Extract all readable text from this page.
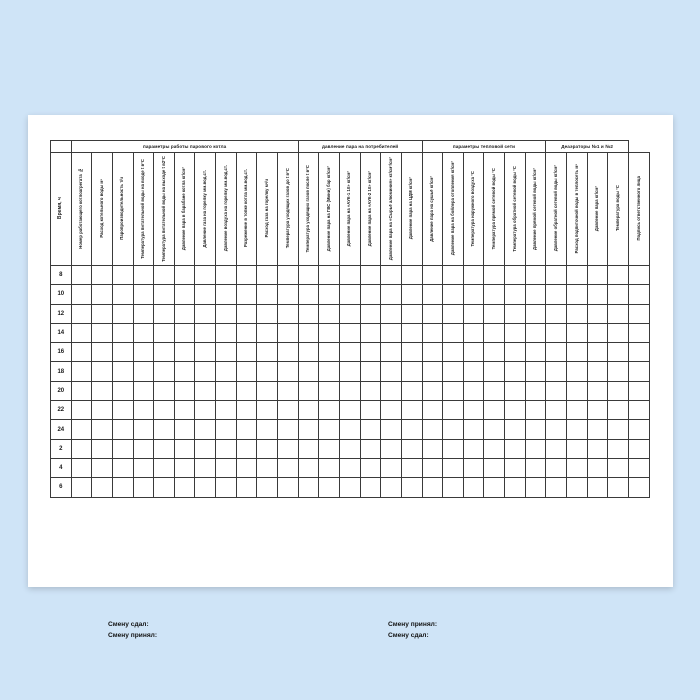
	параметры работы парового котла											давление пара на потребителей						параметры тепловой сети						Деаэраторы №1 и №2				
Время, ч	Номер работающего котлоагрегата №	Расход котельного воды м³	Паропроизводительность т/ч	Температура питательной воды на входе t в°С	Температура питательной воды на выходе t в2°С	Давление пара в барабане котла кг/см²	Давление газа на горелку мм.вод.ст.	Давление воздуха на горелку мм.вод.ст.	Разрежение в топке котла мм.вод.ст.	Расход газа на горелку м³/ч	Температура уходящих газов до t в°С	Температура уходящих газов после t в°С	Давление пара на ГВС (Мини) бар кг/см²	Давление пара на «АУК-1 10» кг/см²	Давление пара на «АУК-2 10» кг/см²	Давление пара на «Сырьё алюминия» кг/см²/см²	Давление пара на ЦДМ кг/см²	Давление пара на сушьё кг/см²	Давление пара на бойлера отопления кг/см²	Температура наружного воздуха °С	Температура прямой сетевой воды °С	Температура обратной сетевой воды °С	Давление прямой сетевой воды кг/см²	Давление обратной сетевой воды кг/см²	Расход подпиточной воды в теплосеть м³	Давление пара кг/см²	Температура воды °С	Подпись ответственного лица
8																												
10																												
12																												
14																												
16																												
18																												
20																												
22																												
24																												
2																												
4																												
6																												
Смену сдал:
Смену принял:
Смену принял:
Смену сдал:
